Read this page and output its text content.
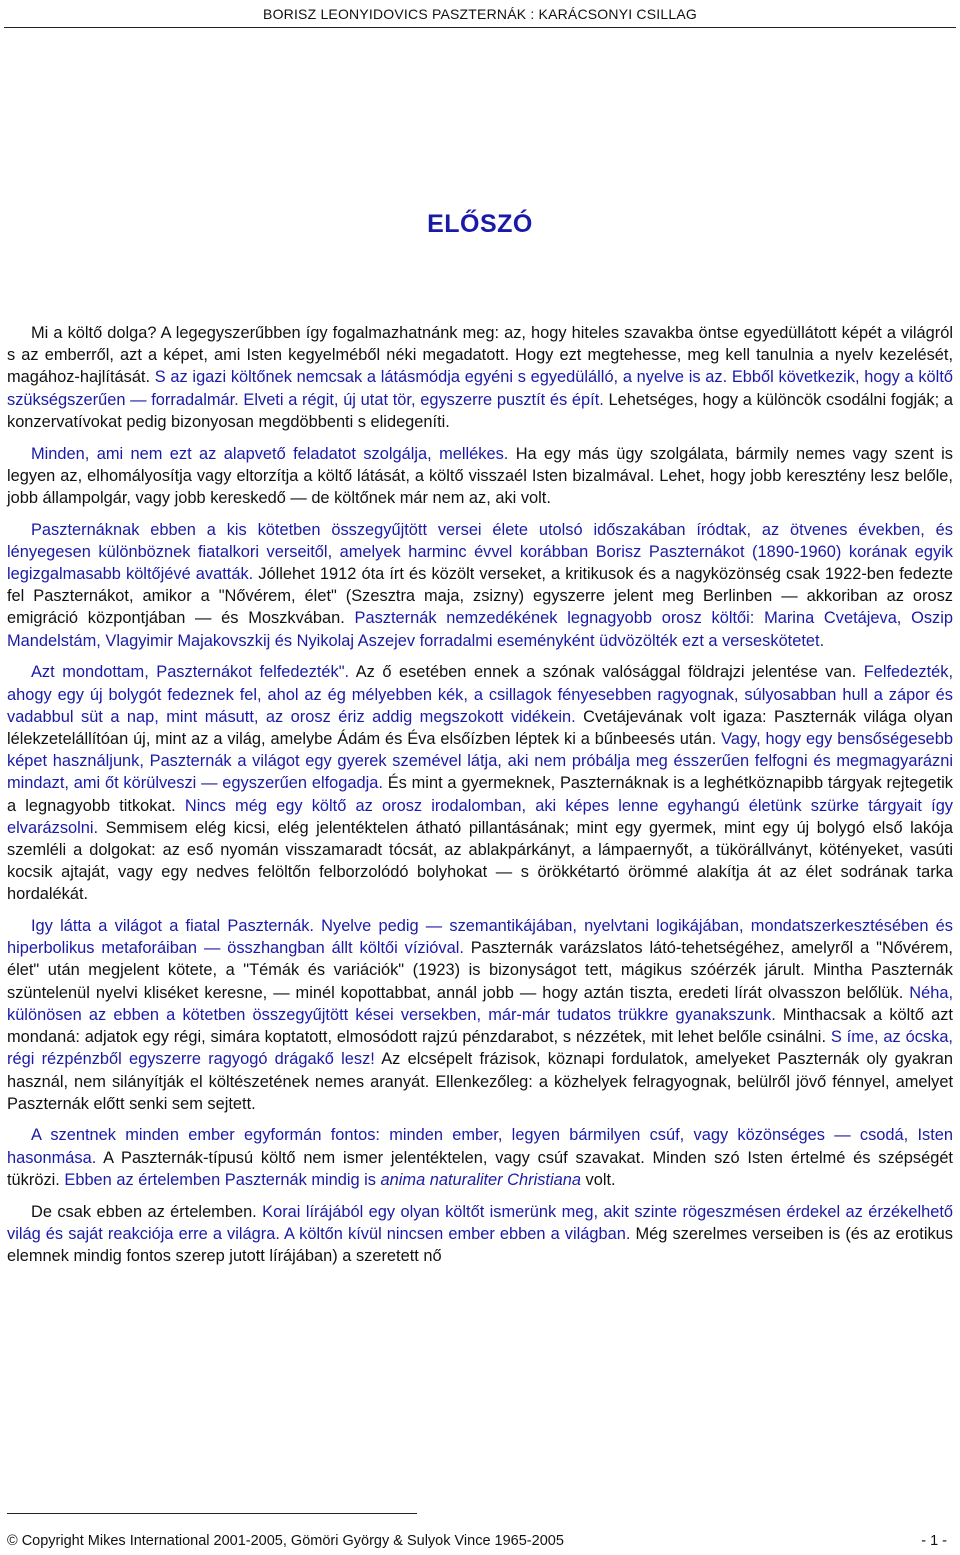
BORISZ LEONYIDOVICS PASZTERNÁK : KARÁCSONYI CSILLAG
ELŐSZÓ

Mi a költő dolga? A legegyszerűbben így fogalmazhatnánk meg: az, hogy hiteles szavakba öntse egyedüllátott képét a világról s az emberről, azt a képet, ami Isten kegyelméből néki megadatott. Hogy ezt megtehesse, meg kell tanulnia a nyelv kezelését, magához-hajlítását. S az igazi költőnek nemcsak a látásmódja egyéni s egyedülálló, a nyelve is az. Ebből következik, hogy a költő szükségszerűen — forradalmár. Elveti a régit, új utat tör, egyszerre pusztít és épít. Lehetséges, hogy a különcök csodálni fogják; a konzervatívokat pedig bizonyosan megdöbbenti s elidegeníti.

Minden, ami nem ezt az alapvető feladatot szolgálja, mellékes. Ha egy más ügy szolgálata, bármily nemes vagy szent is legyen az, elhomályosítja vagy eltorzítja a költő látását, a költő visszaél Isten bizalmával. Lehet, hogy jobb keresztény lesz belőle, jobb állampolgár, vagy jobb kereskedő — de költőnek már nem az, aki volt.

Paszternáknak ebben a kis kötetben összegyűjtött versei élete utolsó időszakában íródtak, az ötvenes években, és lényegesen különböznek fiatalkori verseitől, amelyek harminc évvel korábban Borisz Paszternákot (1890-1960) korának egyik legizgalmasabb költőjévé avatták. Jóllehet 1912 óta írt és közölt verseket, a kritikusok és a nagyközönség csak 1922-ben fedezte fel Paszternákot, amikor a "Nővérem, élet" (Szesztra maja, zsizny) egyszerre jelent meg Berlinben — akkoriban az orosz emigráció központjában — és Moszkvában. Paszternák nemzedékének legnagyobb orosz költői: Marina Cvetájeva, Oszip Mandelstám, Vlagyimir Majakovszkij és Nyikolaj Aszejev forradalmi eseményként üdvözölték ezt a verseskötetet.

Azt mondottam, Paszternákot felfedezték". Az ő esetében ennek a szónak valósággal földrajzi jelentése van. Felfedezték, ahogy egy új bolygót fedeznek fel, ahol az ég mélyebben kék, a csillagok fényesebben ragyognak, súlyosabban hull a zápor és vadabbul süt a nap, mint másutt, az orosz ériz addig megszokott vidékein. Cvetájevának volt igaza: Paszternák világa olyan lélekzetelállítóan új, mint az a világ, amelybe Ádám és Éva elsőízben léptek ki a bűnbeesés után. Vagy, hogy egy bensőségesebb képet használjunk, Paszternák a világot egy gyerek szemével látja, aki nem próbálja meg ésszerűen felfogni és megmagyarázni mindazt, ami őt körülveszi — egyszerűen elfogadja. És mint a gyermeknek, Paszternáknak is a leghétköznapibb tárgyak rejtegetik a legnagyobb titkokat. Nincs még egy költő az orosz irodalomban, aki képes lenne egyhangú életünk szürke tárgyait így elvarázsolni. Semmisem elég kicsi, elég jelentéktelen átható pillantásának; mint egy gyermek, mint egy új bolygó első lakója szemléli a dolgokat: az eső nyomán visszamaradt tócsát, az ablakpárkányt, a lámpaernyőt, a tükörállványt, kötényeket, vasúti kocsik ajtaját, vagy egy nedves felöltőn felborzolódó bolyhokat — s örökkétartó örömmé alakítja át az élet sodrának tarka hordalékát.

Igy látta a világot a fiatal Paszternák. Nyelve pedig — szemantikájában, nyelvtani logikájában, mondatszerkesztésében és hiperbolikus metaforáiban — összhangban állt költői vízióval. Paszternák varázslatos látó-tehetségéhez, amelyről a "Nővérem, élet" után megjelent kötete, a "Témák és variációk" (1923) is bizonyságot tett, mágikus szóérzék járult. Mintha Paszternák szüntelenül nyelvi kliséket keresne, — minél kopottabbat, annál jobb — hogy aztán tiszta, eredeti lírát olvasszon belőlük. Néha, különösen az ebben a kötetben összegyűjtött kései versekben, már-már tudatos trükkre gyanakszunk. Minthacsak a költő azt mondaná: adjatok egy régi, simára koptatott, elmosódott rajzú pénzdarabot, s nézzétek, mit lehet belőle csinálni. S íme, az ócska, régi rézpénzből egyszerre ragyogó drágakő lesz! Az elcsépelt frázisok, köznapi fordulatok, amelyeket Paszternák oly gyakran használ, nem silányítják el költészetének nemes aranyát. Ellenkezőleg: a közhelyek felragyognak, belülről jövő fénnyel, amelyet Paszternák előtt senki sem sejtett.

A szentnek minden ember egyformán fontos: minden ember, legyen bármilyen csúf, vagy közönséges — csodá, Isten hasonmása. A Paszternák-típusú költő nem ismer jelentéktelen, vagy csúf szavakat. Minden szó Isten értelmé és szépségét tükrözi. Ebben az értelemben Paszternák mindig is anima naturaliter Christiana volt.

De csak ebben az értelemben. Korai lírájából egy olyan költőt ismerünk meg, akit szinte rögeszmésen érdekel az érzékelhető világ és saját reakciója erre a világra. A költőn kívül nincsen ember ebben a világban. Még szerelmes verseiben is (és az erotikus elemnek mindig fontos szerep jutott lírájában) a szeretett nő

© Copyright Mikes International 2001-2005, Gömöri György & Sulyok Vince 1965-2005	- 1 -
